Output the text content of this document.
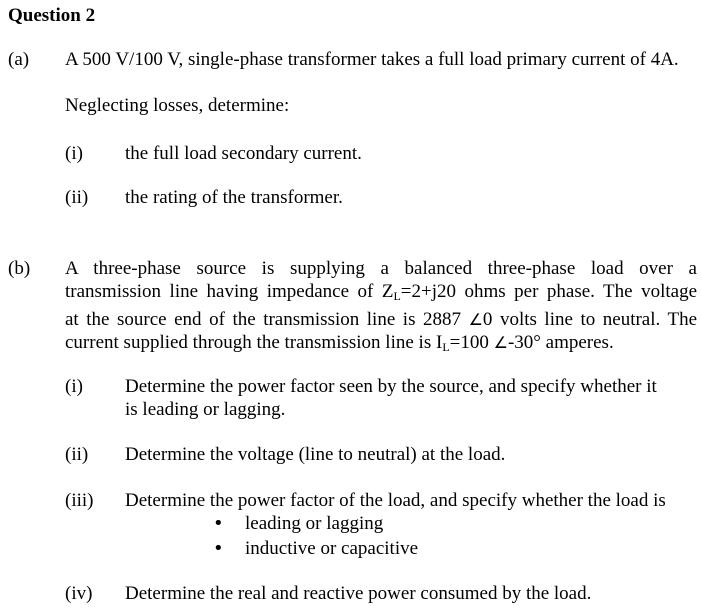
Question 2
(a) A 500 V/100 V, single-phase transformer takes a full load primary current of 4A.
Neglecting losses, determine:
(i) the full load secondary current.
(ii) the rating of the transformer.
(b) A three-phase source is supplying a balanced three-phase load over a
transmission line having impedance of $Z_L=2+j20$ ohms per phase. The voltage
at the source end of the transmission line is 2887 ∠0 volts line to neutral. The
current supplied through the transmission line is $I_L=100$ ∠-30° amperes.
(i) Determine the power factor seen by the source, and specify whether it
is leading or lagging.
(ii) Determine the voltage (line to neutral) at the load.
(iii) Determine the power factor of the load, and specify whether the load is
• leading or lagging
• inductive or capacitive
(iv) Determine the real and reactive power consumed by the load.
